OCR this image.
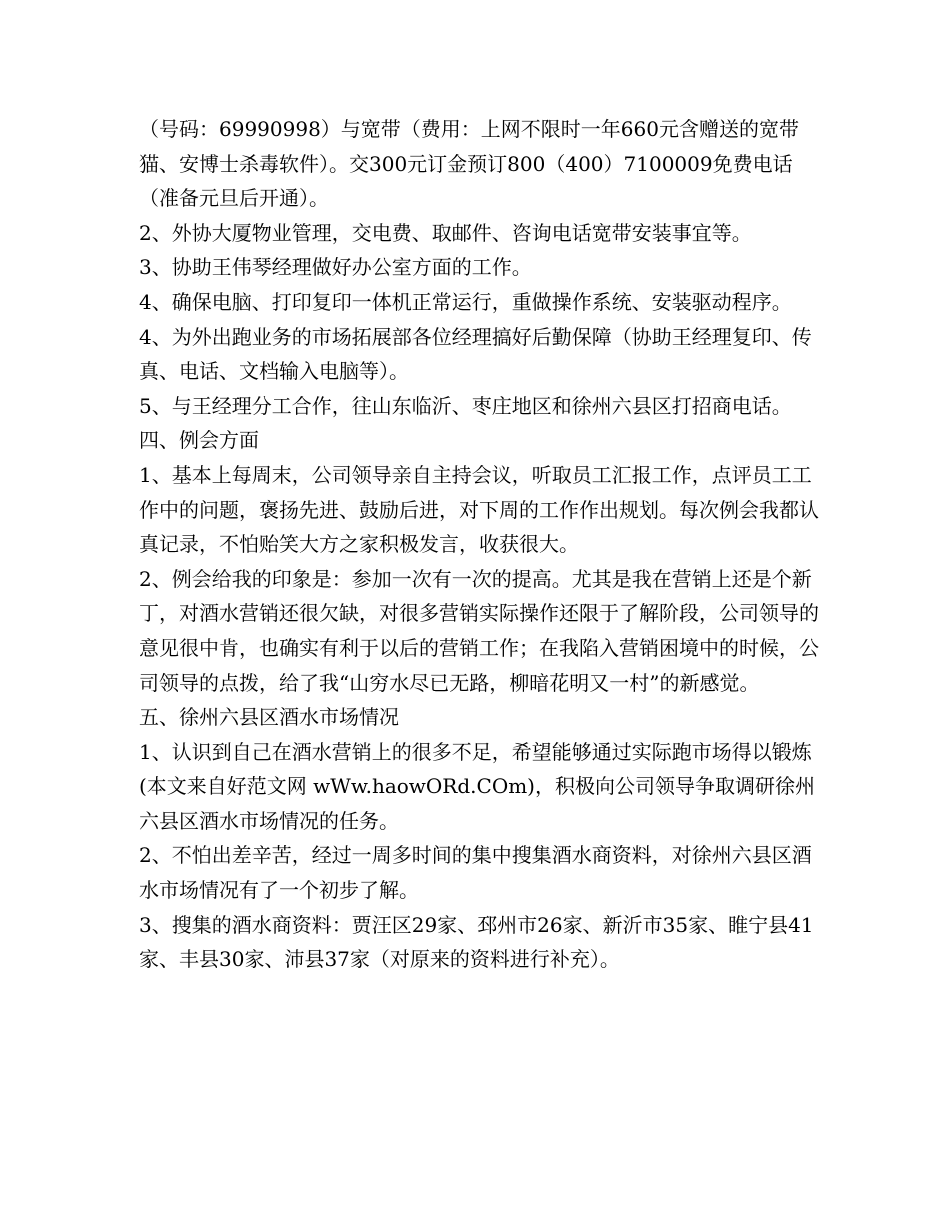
（号码：69990998）与宽带（费用：上网不限时一年660元含赠送的宽带猫、安博士杀毒软件）。交300元订金预订800（400）7100009免费电话（准备元旦后开通）。

2、外协大厦物业管理，交电费、取邮件、咨询电话宽带安装事宜等。

3、协助王伟琴经理做好办公室方面的工作。

4、确保电脑、打印复印一体机正常运行，重做操作系统、安装驱动程序。

4、为外出跑业务的市场拓展部各位经理搞好后勤保障（协助王经理复印、传真、电话、文档输入电脑等）。

5、与王经理分工合作，往山东临沂、枣庄地区和徐州六县区打招商电话。

四、例会方面

1、基本上每周末，公司领导亲自主持会议，听取员工汇报工作，点评员工工作中的问题，褒扬先进、鼓励后进，对下周的工作作出规划。每次例会我都认真记录，不怕贻笑大方之家积极发言，收获很大。

2、例会给我的印象是：参加一次有一次的提高。尤其是我在营销上还是个新丁，对酒水营销还很欠缺，对很多营销实际操作还限于了解阶段，公司领导的意见很中肯，也确实有利于以后的营销工作；在我陷入营销困境中的时候，公司领导的点拨，给了我“山穷水尽已无路，柳暗花明又一村”的新感觉。

五、徐州六县区酒水市场情况

1、认识到自己在酒水营销上的很多不足，希望能够通过实际跑市场得以锻炼(本文来自好范文网 wWw.haowORd.COm)，积极向公司领导争取调研徐州六县区酒水市场情况的任务。

2、不怕出差辛苦，经过一周多时间的集中搜集酒水商资料，对徐州六县区酒水市场情况有了一个初步了解。

3、搜集的酒水商资料：贾汪区29家、邳州市26家、新沂市35家、睢宁县41家、丰县30家、沛县37家（对原来的资料进行补充）。
